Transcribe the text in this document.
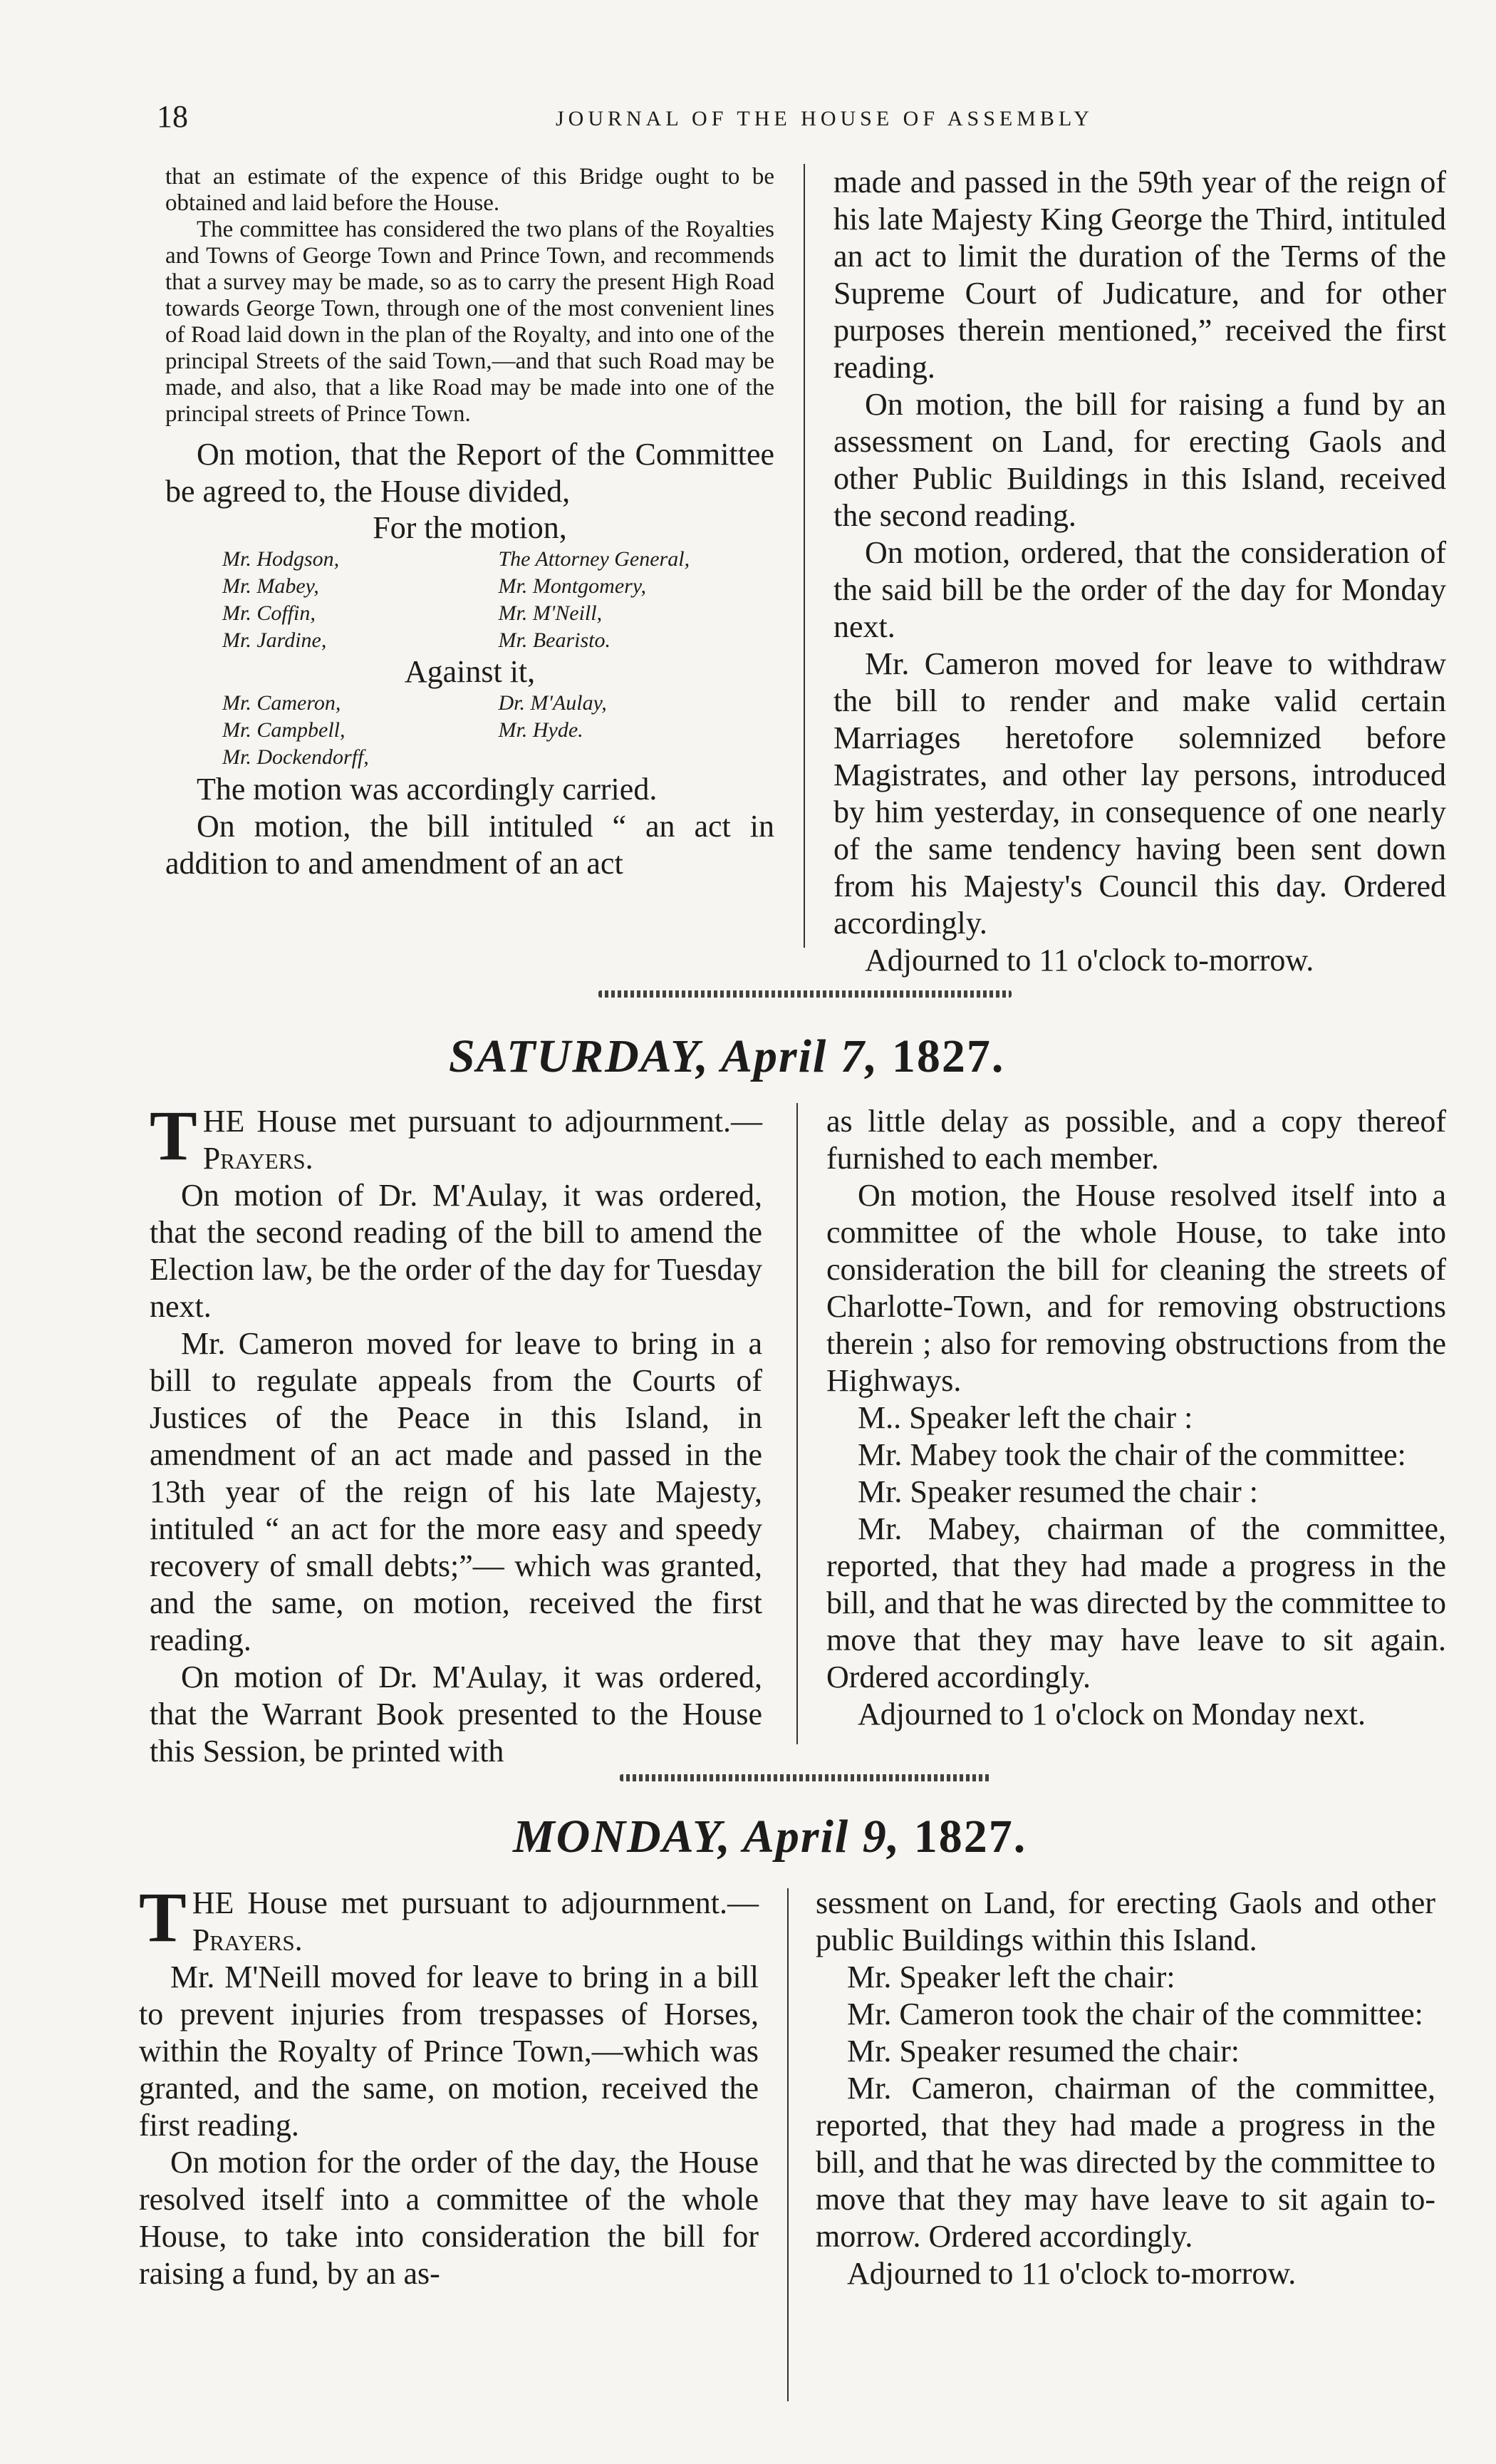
18	JOURNAL OF THE HOUSE OF ASSEMBLY

that an estimate of the expence of this Bridge ought to be obtained and laid before the House.

The committee has considered the two plans of the Royalties and Towns of George Town and Prince Town, and recommends that a survey may be made, so as to carry the present High Road towards George Town, through one of the most convenient lines of Road laid down in the plan of the Royalty, and into one of the principal Streets of the said Town,—and that such Road may be made, and also, that a like Road may be made into one of the principal streets of Prince Town.

On motion, that the Report of the Committee be agreed to, the House divided,

For the motion,
Mr. Hodgson,	The Attorney General,
Mr. Mabey,	Mr. Montgomery,
Mr. Coffin,	Mr. M'Neill,
Mr. Jardine,	Mr. Bearisto.
Against it,
Mr. Cameron,	Dr. M'Aulay,
Mr. Campbell,	Mr. Hyde.
Mr. Dockendorff,

The motion was accordingly carried.

On motion, the bill intituled “ an act in addition to and amendment of an act

made and passed in the 59th year of the reign of his late Majesty King George the Third, intituled an act to limit the duration of the Terms of the Supreme Court of Judicature, and for other purposes therein mentioned,” received the first reading.

On motion, the bill for raising a fund by an assessment on Land, for erecting Gaols and other Public Buildings in this Island, received the second reading.

On motion, ordered, that the consideration of the said bill be the order of the day for Monday next.

Mr. Cameron moved for leave to withdraw the bill to render and make valid certain Marriages heretofore solemnized before Magistrates, and other lay persons, introduced by him yesterday, in consequence of one nearly of the same tendency having been sent down from his Majesty's Council this day. Ordered accordingly.

Adjourned to 11 o'clock to-morrow.

SATURDAY, April 7, 1827.

THE House met pursuant to adjournment.—Prayers.

On motion of Dr. M'Aulay, it was ordered, that the second reading of the bill to amend the Election law, be the order of the day for Tuesday next.

Mr. Cameron moved for leave to bring in a bill to regulate appeals from the Courts of Justices of the Peace in this Island, in amendment of an act made and passed in the 13th year of the reign of his late Majesty, intituled “ an act for the more easy and speedy recovery of small debts;”— which was granted, and the same, on motion, received the first reading.

On motion of Dr. M'Aulay, it was ordered, that the Warrant Book presented to the House this Session, be printed with

as little delay as possible, and a copy thereof furnished to each member.

On motion, the House resolved itself into a committee of the whole House, to take into consideration the bill for cleaning the streets of Charlotte-Town, and for removing obstructions therein ; also for removing obstructions from the Highways.

M.. Speaker left the chair :

Mr. Mabey took the chair of the committee:

Mr. Speaker resumed the chair :

Mr. Mabey, chairman of the committee, reported, that they had made a progress in the bill, and that he was directed by the committee to move that they may have leave to sit again. Ordered accordingly.

Adjourned to 1 o'clock on Monday next.

MONDAY, April 9, 1827.

THE House met pursuant to adjournment.—Prayers.

Mr. M'Neill moved for leave to bring in a bill to prevent injuries from trespasses of Horses, within the Royalty of Prince Town,—which was granted, and the same, on motion, received the first reading.

On motion for the order of the day, the House resolved itself into a committee of the whole House, to take into consideration the bill for raising a fund, by an as-

sessment on Land, for erecting Gaols and other public Buildings within this Island.

Mr. Speaker left the chair:

Mr. Cameron took the chair of the committee:

Mr. Speaker resumed the chair:

Mr. Cameron, chairman of the committee, reported, that they had made a progress in the bill, and that he was directed by the committee to move that they may have leave to sit again to-morrow. Ordered accordingly.

Adjourned to 11 o'clock to-morrow.
